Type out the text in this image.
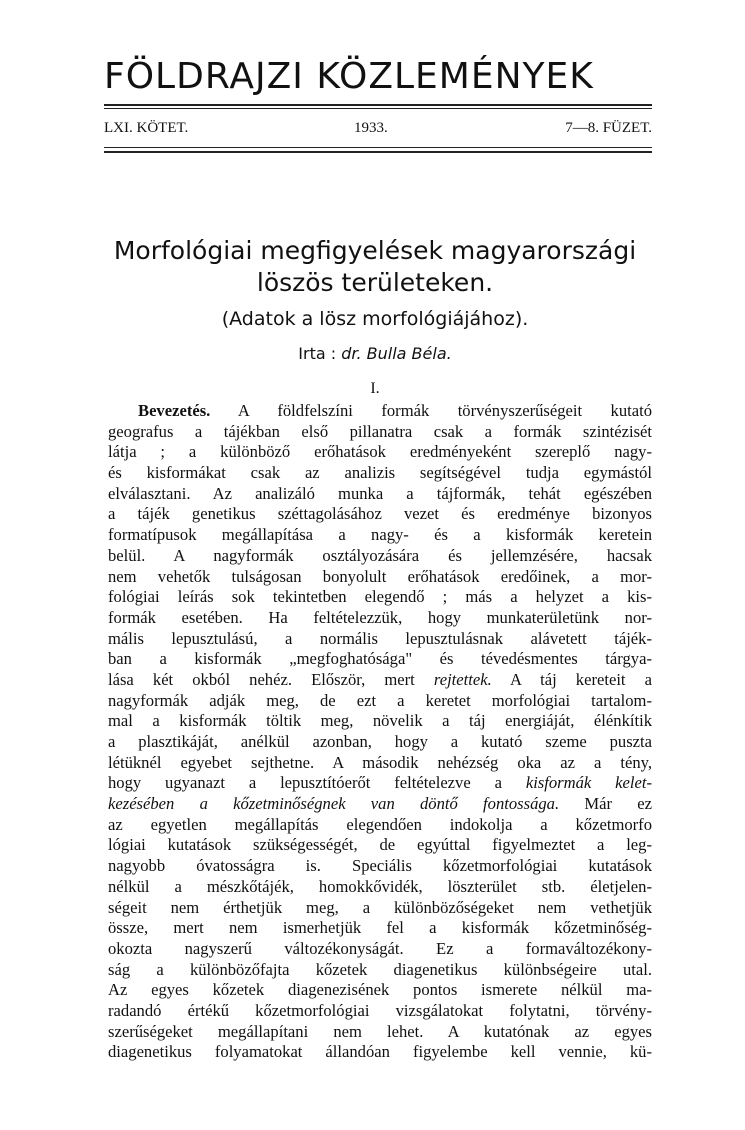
FÖLDRAJZI KÖZLEMÉNYEK
LXI. KÖTET.	1933.	7—8. FÜZET.
Morfológiai megfigyelések magyarországi
löszös területeken.
(Adatok a lösz morfológiájához).
Irta : dr. Bulla Béla.
I.
Bevezetés. A földfelszíni formák törvényszerűségeit kutató
geografus a tájékban első pillanatra csak a formák szintézisét
látja ; a különböző erőhatások eredményeként szereplő nagy-
és kisformákat csak az analizis segítségével tudja egymástól
elválasztani. Az analizáló munka a tájformák, tehát egészében
a tájék genetikus széttagolásához vezet és eredménye bizonyos
formatípusok megállapítása a nagy- és a kisformák keretein
belül. A nagyformák osztályozására és jellemzésére, hacsak
nem vehetők tulságosan bonyolult erőhatások eredőinek, a mor-
fológiai leírás sok tekintetben elegendő ; más a helyzet a kis-
formák esetében. Ha feltételezzük, hogy munkaterületünk nor-
mális lepusztulású, a normális lepusztulásnak alávetett tájék-
ban a kisformák „megfoghatósága" és tévedésmentes tárgya-
lása két okból nehéz. Először, mert rejtettek. A táj kereteit a
nagyformák adják meg, de ezt a keretet morfológiai tartalom-
mal a kisformák töltik meg, növelik a táj energiáját, élénkítik
a plasztikáját, anélkül azonban, hogy a kutató szeme puszta
létüknél egyebet sejthetne. A második nehézség oka az a tény,
hogy ugyanazt a lepusztítóerőt feltételezve a kisformák kelet-
kezésében a kőzetminőségnek van döntő fontossága. Már ez
az egyetlen megállapítás elegendően indokolja a kőzetmorfo
lógiai kutatások szükségességét, de egyúttal figyelmeztet a leg-
nagyobb óvatosságra is. Speciális kőzetmorfológiai kutatások
nélkül a mészkőtájék, homokkővidék, löszterület stb. életjelen-
ségeit nem érthetjük meg, a különbözőségeket nem vethetjük
össze, mert nem ismerhetjük fel a kisformák kőzetminőség-
okozta nagyszerű változékonyságát. Ez a formaváltozékony-
ság a különbözőfajta kőzetek diagenetikus különbségeire utal.
Az egyes kőzetek diagenezisének pontos ismerete nélkül ma-
radandó értékű kőzetmorfológiai vizsgálatokat folytatni, törvény-
szerűségeket megállapítani nem lehet. A kutatónak az egyes
diagenetikus folyamatokat állandóan figyelembe kell vennie, kü-
